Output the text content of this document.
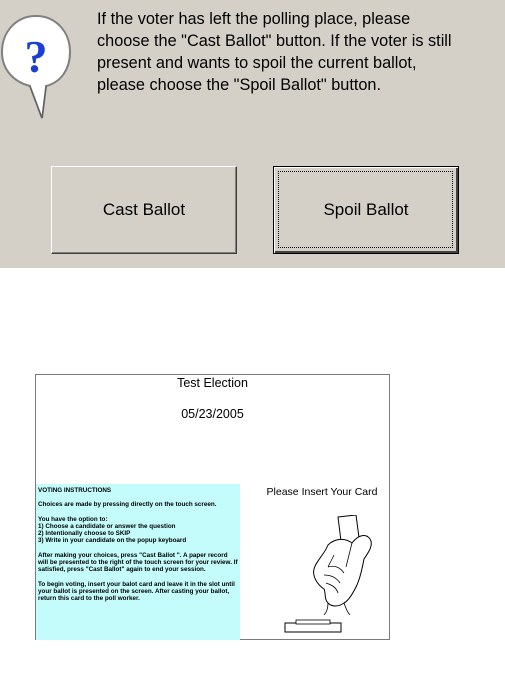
?
If the voter has left the polling place, please
choose the "Cast Ballot" button. If the voter is still
present and wants to spoil the current ballot,
please choose the "Spoil Ballot" button.
Cast Ballot	Spoil Ballot
Test Election
05/23/2005

VOTING INSTRUCTIONS

Choices are made by pressing directly on the touch screen.

You have the option to:
1) Choose a candidate or answer the question
2) Intentionally choose to SKIP
3) Write in your candidate on the popup keyboard

After making your choices, press "Cast Ballot ". A paper record will be presented to the right of the touch screen for your review. If satisfied, press "Cast Ballot" again to end your session.

To begin voting, insert your balot card and leave it in the slot until your ballot is presented on the screen. After casting your ballot, return this card to the poll worker.

Please Insert Your Card
